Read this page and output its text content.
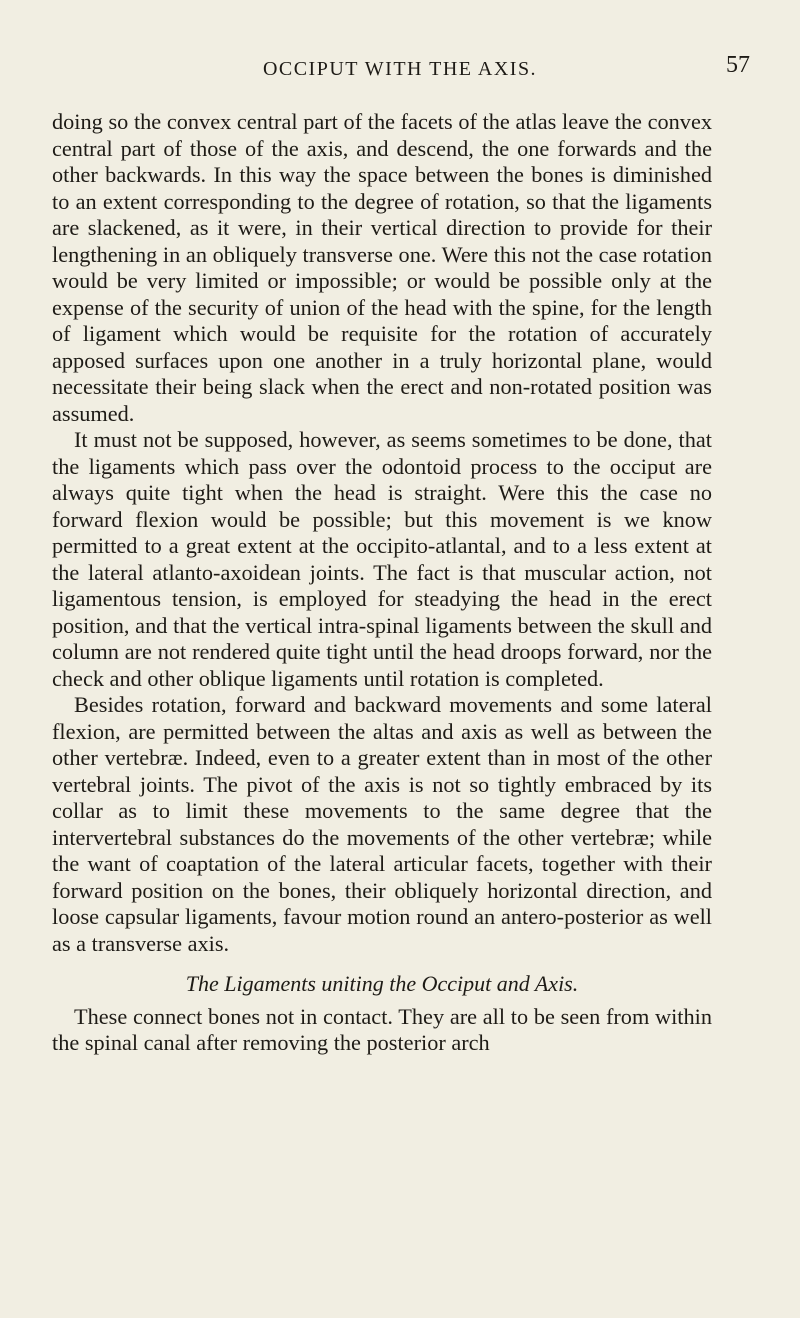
OCCIPUT WITH THE AXIS.	57

doing so the convex central part of the facets of the atlas leave the convex central part of those of the axis, and descend, the one forwards and the other backwards. In this way the space between the bones is diminished to an extent corresponding to the degree of rotation, so that the ligaments are slackened, as it were, in their vertical direction to provide for their lengthening in an obliquely transverse one. Were this not the case rotation would be very limited or impossible; or would be possible only at the expense of the security of union of the head with the spine, for the length of ligament which would be requisite for the rotation of accurately apposed surfaces upon one another in a truly horizontal plane, would necessitate their being slack when the erect and non-rotated position was assumed.

It must not be supposed, however, as seems sometimes to be done, that the ligaments which pass over the odontoid process to the occiput are always quite tight when the head is straight. Were this the case no forward flexion would be possible; but this movement is we know permitted to a great extent at the occipito-atlantal, and to a less extent at the lateral atlanto-axoidean joints. The fact is that muscular action, not ligamentous tension, is employed for steadying the head in the erect position, and that the vertical intra-spinal ligaments between the skull and column are not rendered quite tight until the head droops forward, nor the check and other oblique ligaments until rotation is completed.

Besides rotation, forward and backward movements and some lateral flexion, are permitted between the altas and axis as well as between the other vertebræ. Indeed, even to a greater extent than in most of the other vertebral joints. The pivot of the axis is not so tightly embraced by its collar as to limit these movements to the same degree that the intervertebral substances do the movements of the other vertebræ; while the want of coaptation of the lateral articular facets, together with their forward position on the bones, their obliquely horizontal direction, and loose capsular ligaments, favour motion round an antero-posterior as well as a transverse axis.

The Ligaments uniting the Occiput and Axis.

These connect bones not in contact. They are all to be seen from within the spinal canal after removing the posterior arch
